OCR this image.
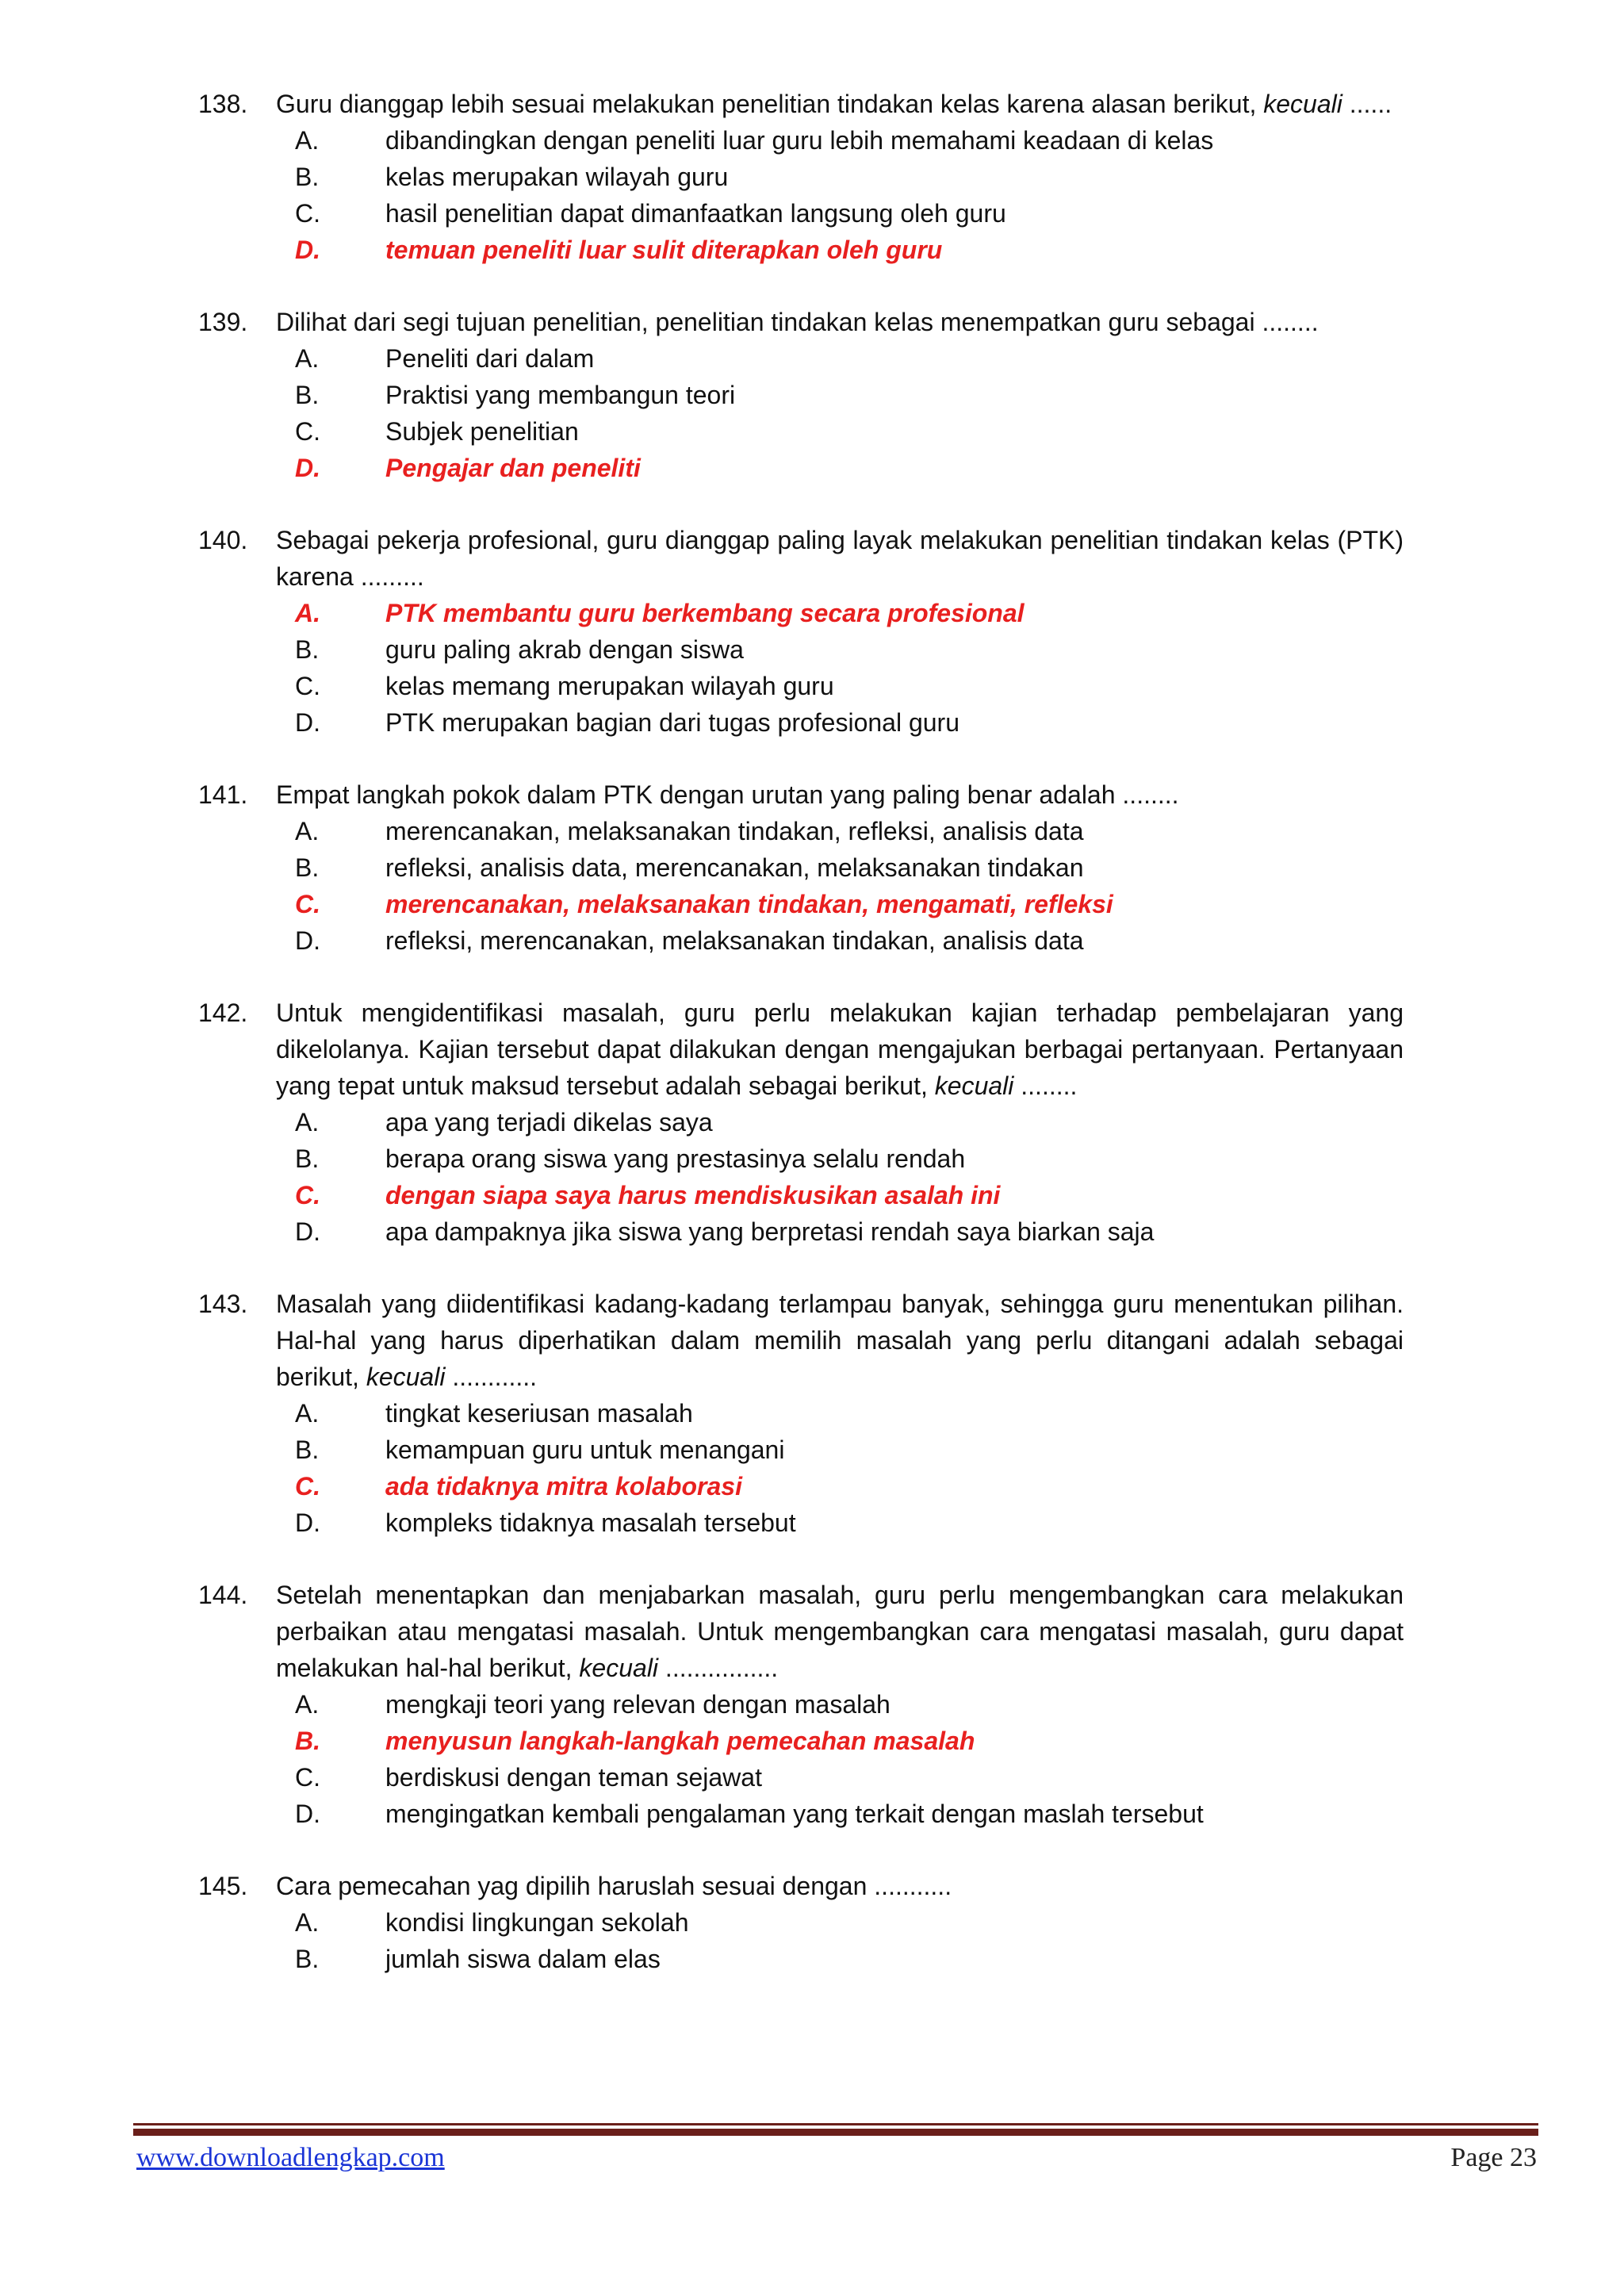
138. Guru dianggap lebih sesuai melakukan penelitian tindakan kelas karena alasan berikut, kecuali ......
A.	dibandingkan dengan peneliti luar guru lebih memahami keadaan di kelas
B.	kelas merupakan wilayah guru
C.	hasil penelitian dapat dimanfaatkan langsung oleh guru
D.	temuan peneliti luar sulit diterapkan oleh guru
139. Dilihat dari segi tujuan penelitian, penelitian tindakan kelas menempatkan guru sebagai ........
A.	Peneliti dari dalam
B.	Praktisi yang membangun teori
C.	Subjek penelitian
D.	Pengajar dan peneliti
140. Sebagai pekerja profesional, guru dianggap paling layak melakukan penelitian tindakan kelas (PTK) karena .........
A.	PTK membantu guru berkembang secara profesional
B.	guru paling akrab dengan siswa
C.	kelas memang merupakan wilayah guru
D.	PTK merupakan bagian dari tugas profesional guru
141. Empat langkah pokok dalam PTK dengan urutan yang paling benar adalah ........
A.	merencanakan, melaksanakan tindakan, refleksi, analisis data
B.	refleksi, analisis data, merencanakan, melaksanakan tindakan
C.	merencanakan, melaksanakan tindakan, mengamati, refleksi
D.	refleksi, merencanakan, melaksanakan tindakan, analisis data
142. Untuk mengidentifikasi masalah, guru perlu melakukan kajian terhadap pembelajaran yang dikelolanya. Kajian tersebut dapat dilakukan dengan mengajukan berbagai pertanyaan. Pertanyaan yang tepat untuk maksud tersebut adalah sebagai berikut, kecuali ........
A.	apa yang terjadi dikelas saya
B.	berapa orang siswa yang prestasinya selalu rendah
C.	dengan siapa saya harus mendiskusikan asalah ini
D.	apa dampaknya jika siswa yang berpretasi rendah saya biarkan saja
143. Masalah yang diidentifikasi kadang-kadang terlampau banyak, sehingga guru menentukan pilihan. Hal-hal yang harus diperhatikan dalam memilih masalah yang perlu ditangani adalah sebagai berikut, kecuali ............
A.	tingkat keseriusan masalah
B.	kemampuan guru untuk menangani
C.	ada tidaknya mitra kolaborasi
D.	kompleks tidaknya masalah tersebut
144. Setelah menentapkan dan menjabarkan masalah, guru perlu mengembangkan cara melakukan perbaikan atau mengatasi masalah. Untuk mengembangkan cara mengatasi masalah, guru dapat melakukan hal-hal berikut, kecuali ................
A.	mengkaji teori yang relevan dengan masalah
B.	menyusun langkah-langkah pemecahan masalah
C.	berdiskusi dengan teman sejawat
D.	mengingatkan kembali pengalaman yang terkait dengan maslah tersebut
145. Cara pemecahan yag dipilih haruslah sesuai dengan ...........
A.	kondisi lingkungan sekolah
B.	jumlah siswa dalam elas
www.downloadlengkap.com	Page 23
